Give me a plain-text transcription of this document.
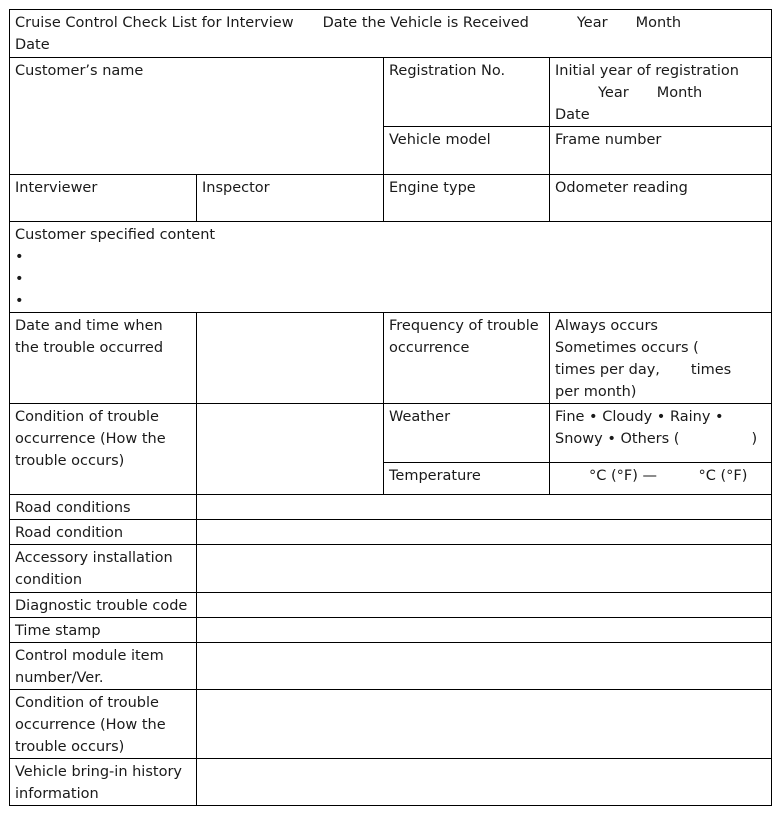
Cruise Control Check List for Interview Date the Vehicle is Received Year Month
Date			

Customer’s name		Registration No.	Initial year of registration
Year Month
Date

		Vehicle model	Frame number
Interviewer	Inspector	Engine type	Odometer reading

Customer specified content
•
•
•			

Date and time when the trouble occurred		Frequency of trouble occurrence	Always occurs
Sometimes occurs (
times per day, times
per month)

Condition of trouble occurrence (How the trouble occurs)		Weather	Fine • Cloudy • Rainy •
Snowy • Others ( )

		Temperature	°C (°F) —         °C (°F)

Road conditions			
Road condition			
Accessory installation condition			
Diagnostic trouble code			
Time stamp			
Control module item number/Ver.			
Condition of trouble occurrence (How the trouble occurs)			
Vehicle bring-in history information			
